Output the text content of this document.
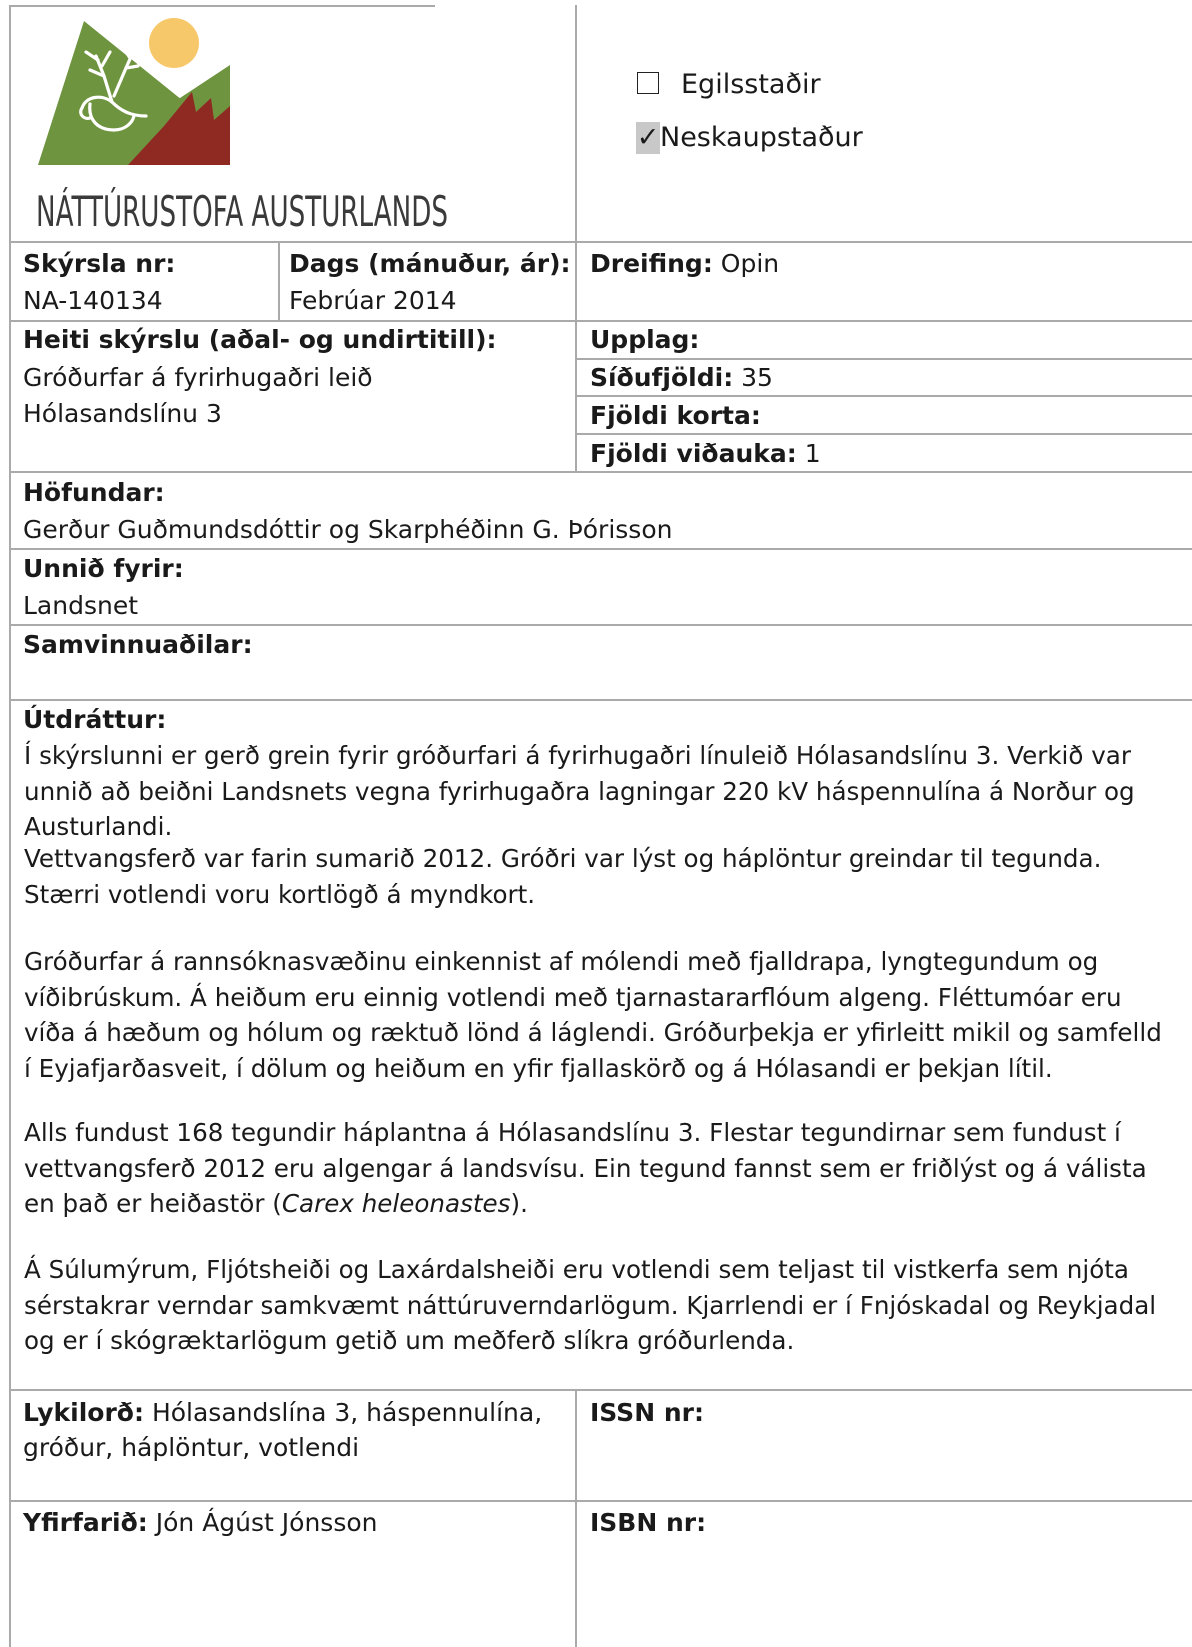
NÁTTÚRUSTOFA AUSTURLANDS
Egilsstaðir
✓Neskaupstaður
Skýrsla nr:
NA-140134
Dags (mánuður, ár):
Febrúar 2014
Dreifing: Opin
Heiti skýrslu (aðal- og undirtitill):
Gróðurfar á fyrirhugaðri leið
Hólasandslínu 3
Upplag:
Síðufjöldi: 35
Fjöldi korta:
Fjöldi viðauka: 1
Höfundar:
Gerður Guðmundsdóttir og Skarphéðinn G. Þórisson
Unnið fyrir:
Landsnet
Samvinnuaðilar:
Útdráttur:
Í skýrslunni er gerð grein fyrir gróðurfari á fyrirhugaðri línuleið Hólasandslínu 3. Verkið var unnið að beiðni Landsnets vegna fyrirhugaðra lagningar 220 kV háspennulína á Norður og Austurlandi.
Vettvangsferð var farin sumarið 2012. Gróðri var lýst og háplöntur greindar til tegunda. Stærri votlendi voru kortlögð á myndkort.
Gróðurfar á rannsóknasvæðinu einkennist af mólendi með fjalldrapa, lyngtegundum og víðibrúskum. Á heiðum eru einnig votlendi með tjarnastararflóum algeng. Fléttumóar eru víða á hæðum og hólum og ræktuð lönd á láglendi. Gróðurþekja er yfirleitt mikil og samfelld í Eyjafjarðasveit, í dölum og heiðum en yfir fjallaskörð og á Hólasandi er þekjan lítil.
Alls fundust 168 tegundir háplantna á Hólasandslínu 3. Flestar tegundirnar sem fundust í vettvangsferð 2012 eru algengar á landsvísu. Ein tegund fannst sem er friðlýst og á válista en það er heiðastör (Carex heleonastes).
Á Súlumýrum, Fljótsheiði og Laxárdalsheiði eru votlendi sem teljast til vistkerfa sem njóta sérstakrar verndar samkvæmt náttúruverndarlögum. Kjarrlendi er í Fnjóskadal og Reykjadal og er í skógræktarlögum getið um meðferð slíkra gróðurlenda.
Lykilorð: Hólasandslína 3, háspennulína,
gróður, háplöntur, votlendi
ISSN nr:
Yfirfarið: Jón Ágúst Jónsson	ISBN nr:
